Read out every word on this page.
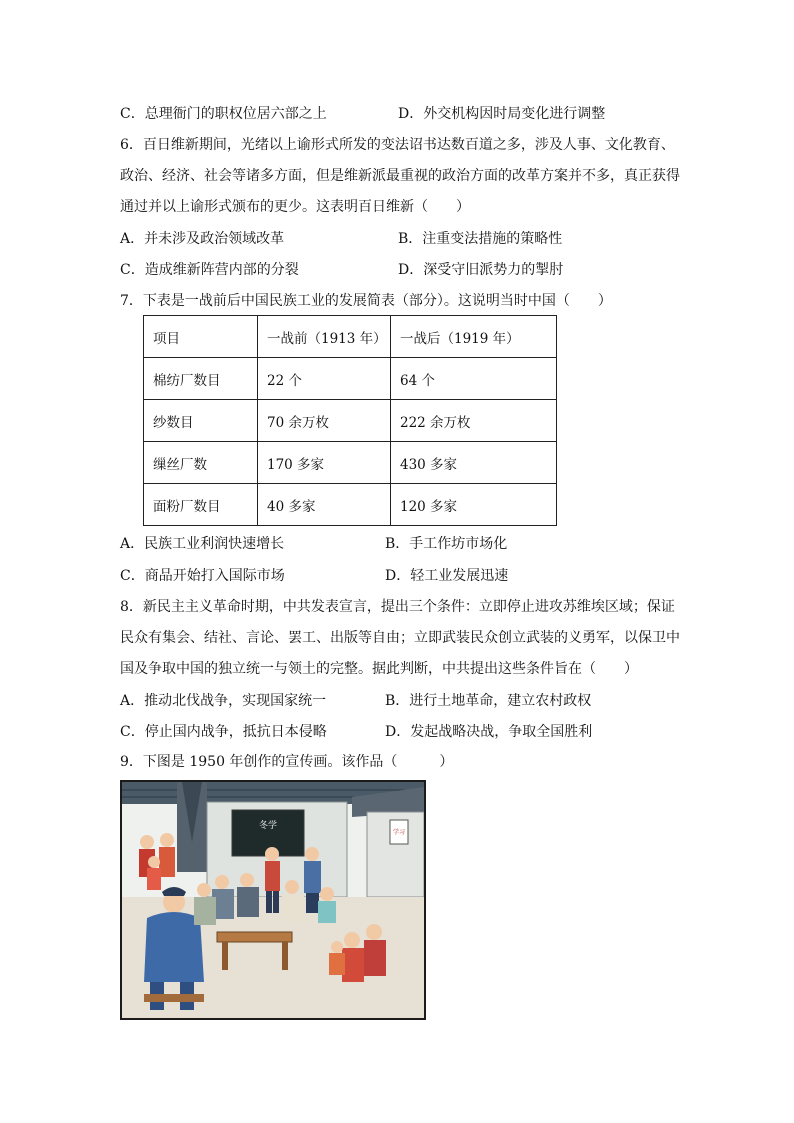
C．总理衙门的职权位居六部之上	D．外交机构因时局变化进行调整
6．百日维新期间，光绪以上谕形式所发的变法诏书达数百道之多，涉及人事、文化教育、
政治、经济、社会等诸多方面，但是维新派最重视的政治方面的改革方案并不多，真正获得
通过并以上谕形式颁布的更少。这表明百日维新（　　）
A．并未涉及政治领域改革	B．注重变法措施的策略性
C．造成维新阵营内部的分裂	D．深受守旧派势力的掣肘
7．下表是一战前后中国民族工业的发展简表（部分）。这说明当时中国（　　）
项目	一战前（1913 年）	一战后（1919 年）
棉纺厂数目	22 个	64 个
纱数目	70 余万枚	222 余万枚
缫丝厂数	170 多家	430 多家
面粉厂数目	40 多家	120 多家
A．民族工业利润快速增长	B．手工作坊市场化
C．商品开始打入国际市场	D．轻工业发展迅速
8．新民主主义革命时期，中共发表宣言，提出三个条件：立即停止进攻苏维埃区域；保证
民众有集会、结社、言论、罢工、出版等自由；立即武装民众创立武装的义勇军，以保卫中
国及争取中国的独立统一与领土的完整。据此判断，中共提出这些条件旨在（　　）
A．推动北伐战争，实现国家统一	B．进行土地革命，建立农村政权
C．停止国内战争，抵抗日本侵略	D．发起战略决战，争取全国胜利
9．下图是 1950 年创作的宣传画。该作品（　　　）
冬学
学习
